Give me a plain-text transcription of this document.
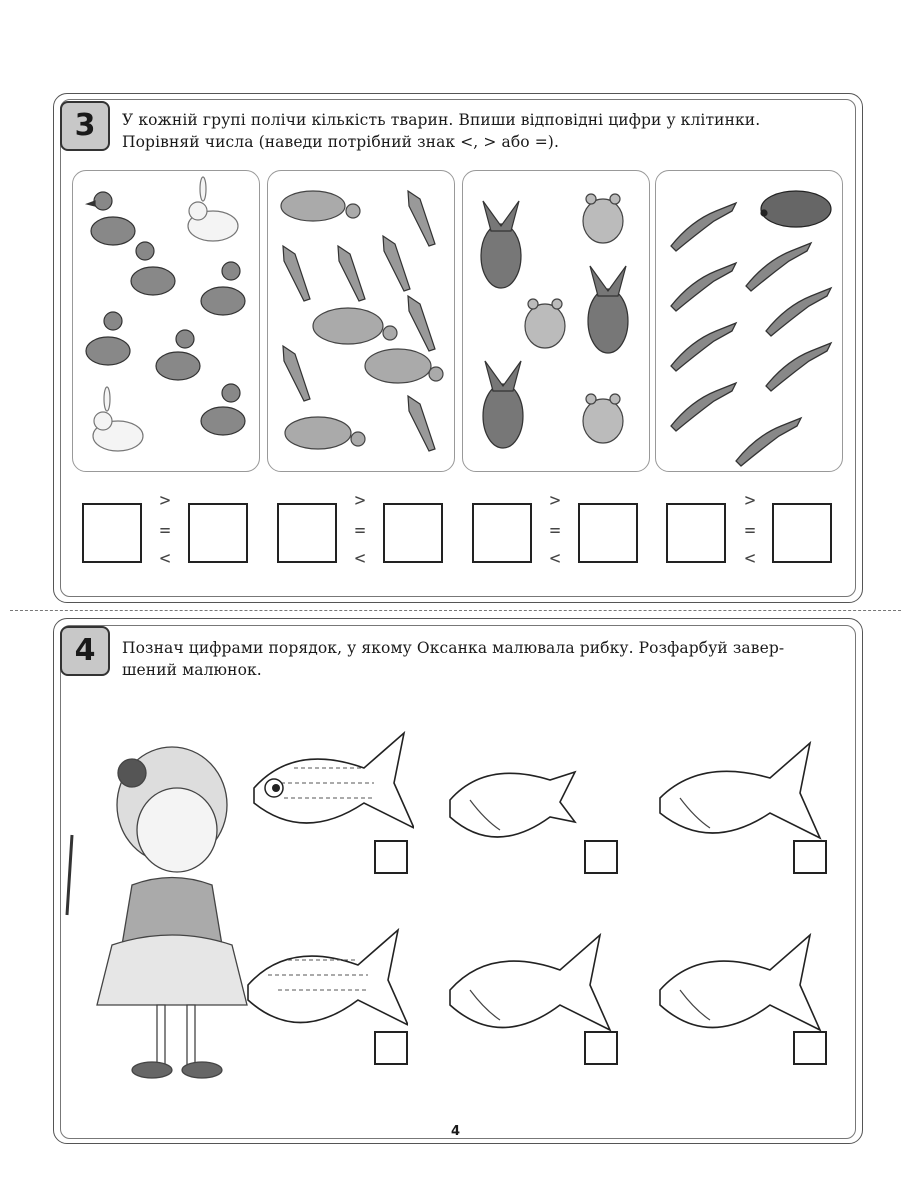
3	У кожній групі полічи кількість тварин. Впиши відповідні цифри у клітинки.
Порівняй числа (наведи потрібний знак <, > або =).
>
=
<
>
=
<
>
=
<
>
=
<
4	Познач цифрами порядок, у якому Оксанка малювала рибку. Розфарбуй завер-
шений малюнок.
4
